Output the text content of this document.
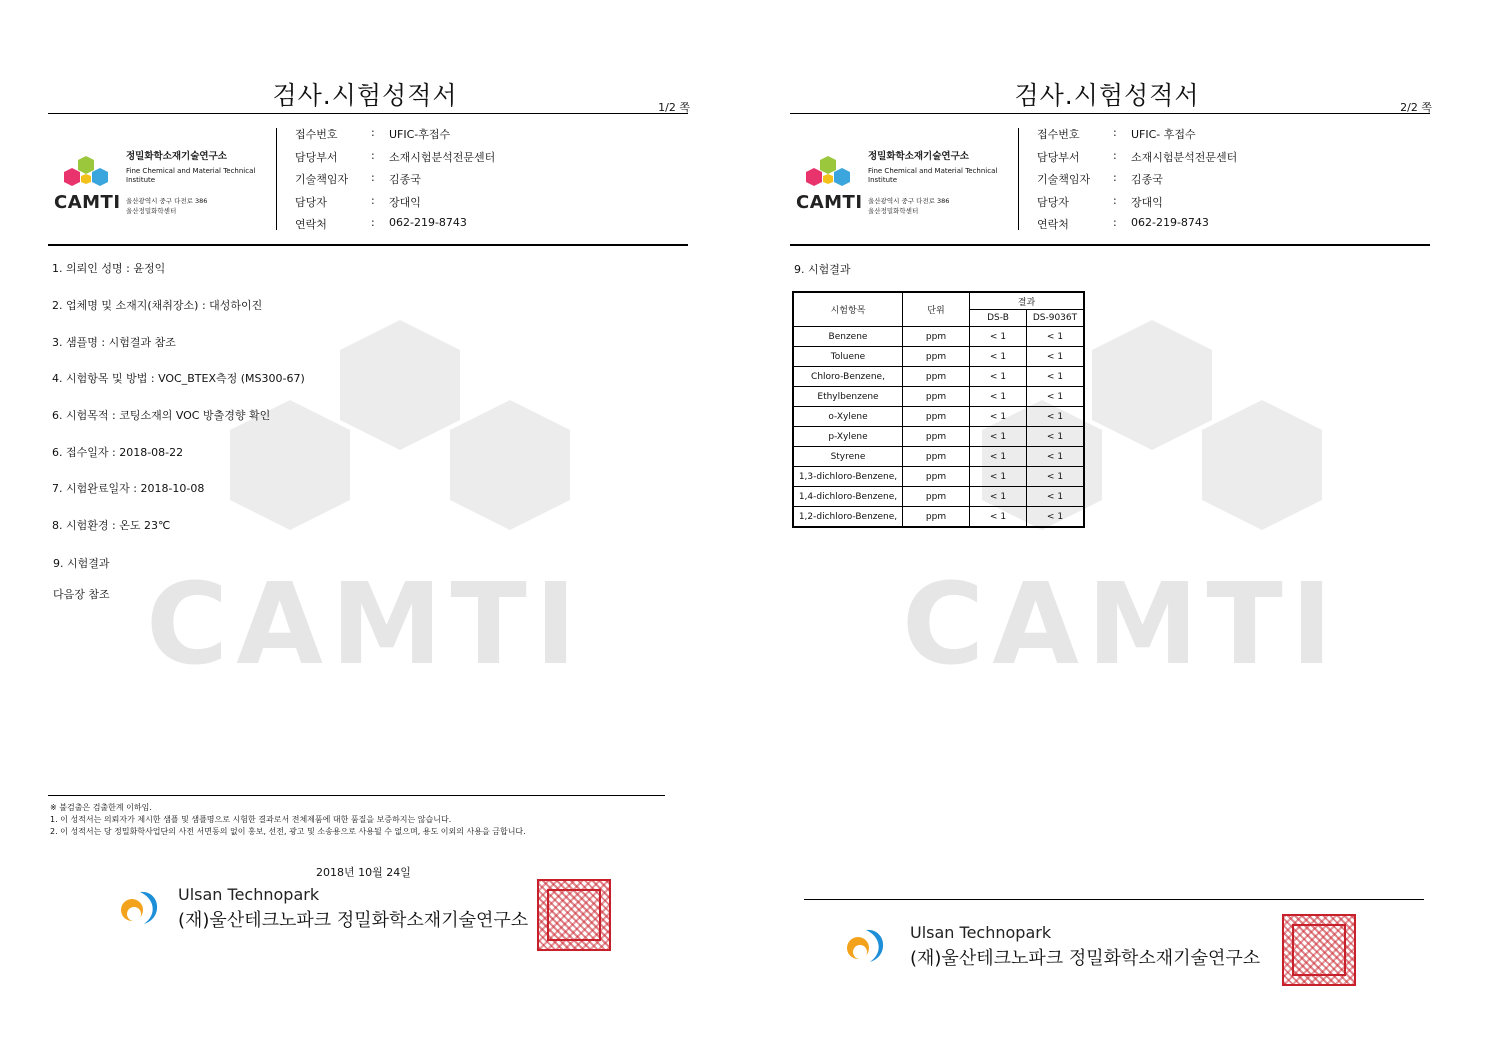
CAMTI
검사.시험성적서	1/2 쪽
정밀화학소재기술연구소
Fine Chemical and Material Technical Institute
CAMTI 울산광역시 중구 다전로 386
울산정밀화학센터
접수번호	:	UFIC-후접수
담당부서	:	소재시험분석전문센터
기술책임자	:	김종국
담당자	:	장대익
연락처	:	062-219-8743
1. 의뢰인 성명 : 윤정익
2. 업체명 및 소재지(채취장소) : 대성하이진
3. 샘플명 : 시험결과 참조
4. 시험항목 및 방법 : VOC_BTEX측정 (MS300-67)
6. 시험목적 : 코팅소재의 VOC 방출경향 확인
6. 접수일자 : 2018-08-22
7. 시험완료일자 : 2018-10-08
8. 시험환경 : 온도 23℃
9. 시험결과
다음장 참조
※ 불검출은 검출한계 이하임.
1. 이 성적서는 의뢰자가 제시한 샘플 및 샘플명으로 시험한 결과로서 전체제품에 대한 품질을 보증하지는 않습니다.
2. 이 성적서는 당 정밀화학사업단의 사전 서면동의 없이 홍보, 선전, 광고 및 소송용으로 사용될 수 없으며, 용도 이외의 사용을 금합니다.
2018년 10월 24일
Ulsan Technopark
(재)울산테크노파크 정밀화학소재기술연구소
CAMTI
검사.시험성적서	2/2 쪽
정밀화학소재기술연구소
Fine Chemical and Material Technical Institute
CAMTI 울산광역시 중구 다전로 386
울산정밀화학센터
접수번호	:	UFIC- 후접수
담당부서	:	소재시험분석전문센터
기술책임자	:	김종국
담당자	:	장대익
연락처	:	062-219-8743
9. 시험결과
시험항목	단위	결과	
		DS-B	DS-9036T
Benzene	ppm	< 1	< 1
Toluene	ppm	< 1	< 1
Chloro-Benzene,	ppm	< 1	< 1
Ethylbenzene	ppm	< 1	< 1
o-Xylene	ppm	< 1	< 1
p-Xylene	ppm	< 1	< 1
Styrene	ppm	< 1	< 1
1,3-dichloro-Benzene,	ppm	< 1	< 1
1,4-dichloro-Benzene,	ppm	< 1	< 1
1,2-dichloro-Benzene,	ppm	< 1	< 1
Ulsan Technopark
(재)울산테크노파크 정밀화학소재기술연구소
